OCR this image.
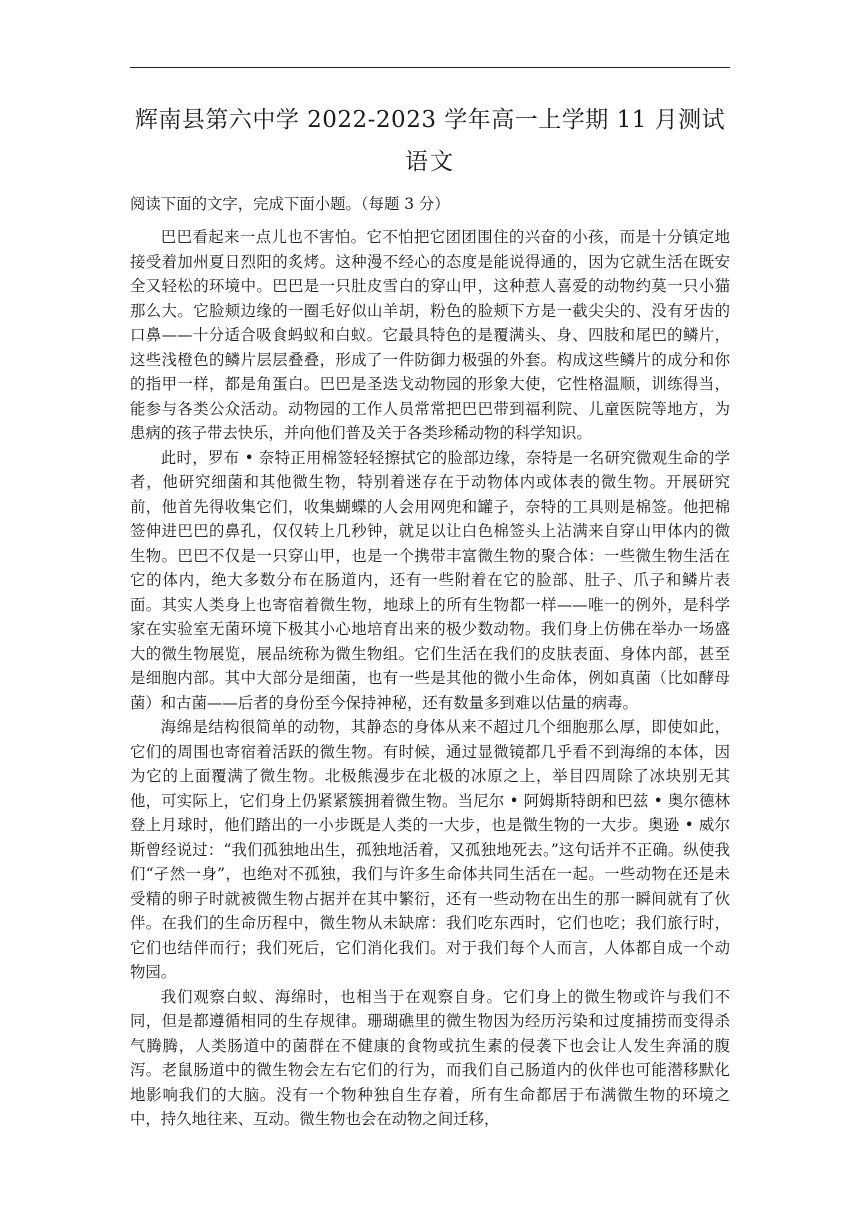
辉南县第六中学 2022-2023 学年高一上学期 11 月测试
语文

阅读下面的文字，完成下面小题。（每题 3 分）

巴巴看起来一点儿也不害怕。它不怕把它团团围住的兴奋的小孩，而是十分镇定地接受着加州夏日烈阳的炙烤。这种漫不经心的态度是能说得通的，因为它就生活在既安全又轻松的环境中。巴巴是一只肚皮雪白的穿山甲，这种惹人喜爱的动物约莫一只小猫那么大。它脸颊边缘的一圈毛好似山羊胡，粉色的脸颊下方是一截尖尖的、没有牙齿的口鼻——十分适合吸食蚂蚁和白蚁。它最具特色的是覆满头、身、四肢和尾巴的鳞片，这些浅橙色的鳞片层层叠叠，形成了一件防御力极强的外套。构成这些鳞片的成分和你的指甲一样，都是角蛋白。巴巴是圣迭戈动物园的形象大使，它性格温顺，训练得当，能参与各类公众活动。动物园的工作人员常常把巴巴带到福利院、儿童医院等地方，为患病的孩子带去快乐，并向他们普及关于各类珍稀动物的科学知识。

此时，罗布 • 奈特正用棉签轻轻擦拭它的脸部边缘，奈特是一名研究微观生命的学者，他研究细菌和其他微生物，特别着迷存在于动物体内或体表的微生物。开展研究前，他首先得收集它们，收集蝴蝶的人会用网兜和罐子，奈特的工具则是棉签。他把棉签伸进巴巴的鼻孔，仅仅转上几秒钟，就足以让白色棉签头上沾满来自穿山甲体内的微生物。巴巴不仅是一只穿山甲，也是一个携带丰富微生物的聚合体：一些微生物生活在它的体内，绝大多数分布在肠道内，还有一些附着在它的脸部、肚子、爪子和鳞片表面。其实人类身上也寄宿着微生物，地球上的所有生物都一样——唯一的例外，是科学家在实验室无菌环境下极其小心地培育出来的极少数动物。我们身上仿佛在举办一场盛大的微生物展览，展品统称为微生物组。它们生活在我们的皮肤表面、身体内部，甚至是细胞内部。其中大部分是细菌，也有一些是其他的微小生命体，例如真菌（比如酵母菌）和古菌——后者的身份至今保持神秘，还有数量多到难以估量的病毒。

海绵是结构很简单的动物，其静态的身体从来不超过几个细胞那么厚，即使如此，它们的周围也寄宿着活跃的微生物。有时候，通过显微镜都几乎看不到海绵的本体，因为它的上面覆满了微生物。北极熊漫步在北极的冰原之上，举目四周除了冰块别无其他，可实际上，它们身上仍紧紧簇拥着微生物。当尼尔 • 阿姆斯特朗和巴兹 • 奥尔德林登上月球时，他们踏出的一小步既是人类的一大步，也是微生物的一大步。奥逊 • 威尔斯曾经说过：“我们孤独地出生，孤独地活着，又孤独地死去。”这句话并不正确。纵使我们“孑然一身”，也绝对不孤独，我们与许多生命体共同生活在一起。一些动物在还是未受精的卵子时就被微生物占据并在其中繁衍，还有一些动物在出生的那一瞬间就有了伙伴。在我们的生命历程中，微生物从未缺席：我们吃东西时，它们也吃；我们旅行时，它们也结伴而行；我们死后，它们消化我们。对于我们每个人而言，人体都自成一个动物园。

我们观察白蚁、海绵时，也相当于在观察自身。它们身上的微生物或许与我们不同，但是都遵循相同的生存规律。珊瑚礁里的微生物因为经历污染和过度捕捞而变得杀气腾腾，人类肠道中的菌群在不健康的食物或抗生素的侵袭下也会让人发生奔涌的腹泻。老鼠肠道中的微生物会左右它们的行为，而我们自己肠道内的伙伴也可能潜移默化地影响我们的大脑。没有一个物种独自生存着，所有生命都居于布满微生物的环境之中，持久地往来、互动。微生物也会在动物之间迁移，
